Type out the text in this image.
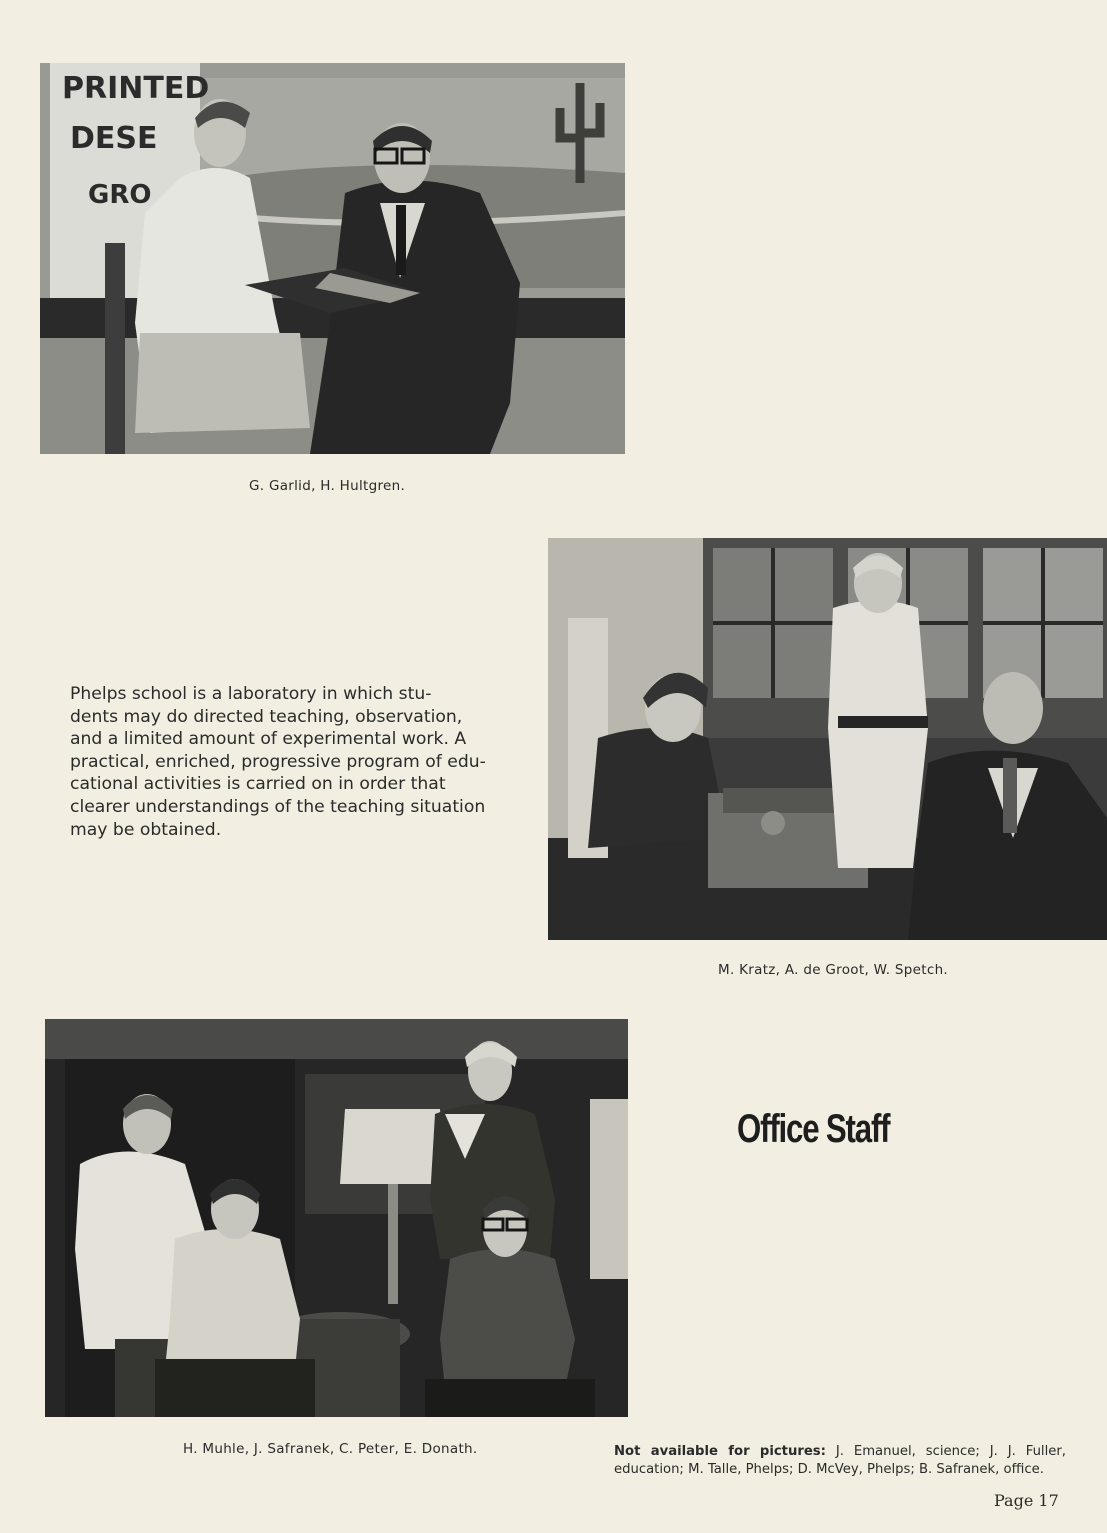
PRINTED
DESE
GRO
G. Garlid, H. Hultgren.
M. Kratz, A. de Groot, W. Spetch.
Phelps school is a laboratory in which stu-
dents may do directed teaching, observation,
and a limited amount of experimental work. A
practical, enriched, progressive program of edu-
cational activities is carried on in order that
clearer understandings of the teaching situation
may be obtained.
H. Muhle, J. Safranek, C. Peter, E. Donath.
Office Staff
Not available for pictures: J. Emanuel, science; J. J. Fuller, education; M. Talle, Phelps; D. McVey, Phelps; B. Safranek, office.
Page 17
